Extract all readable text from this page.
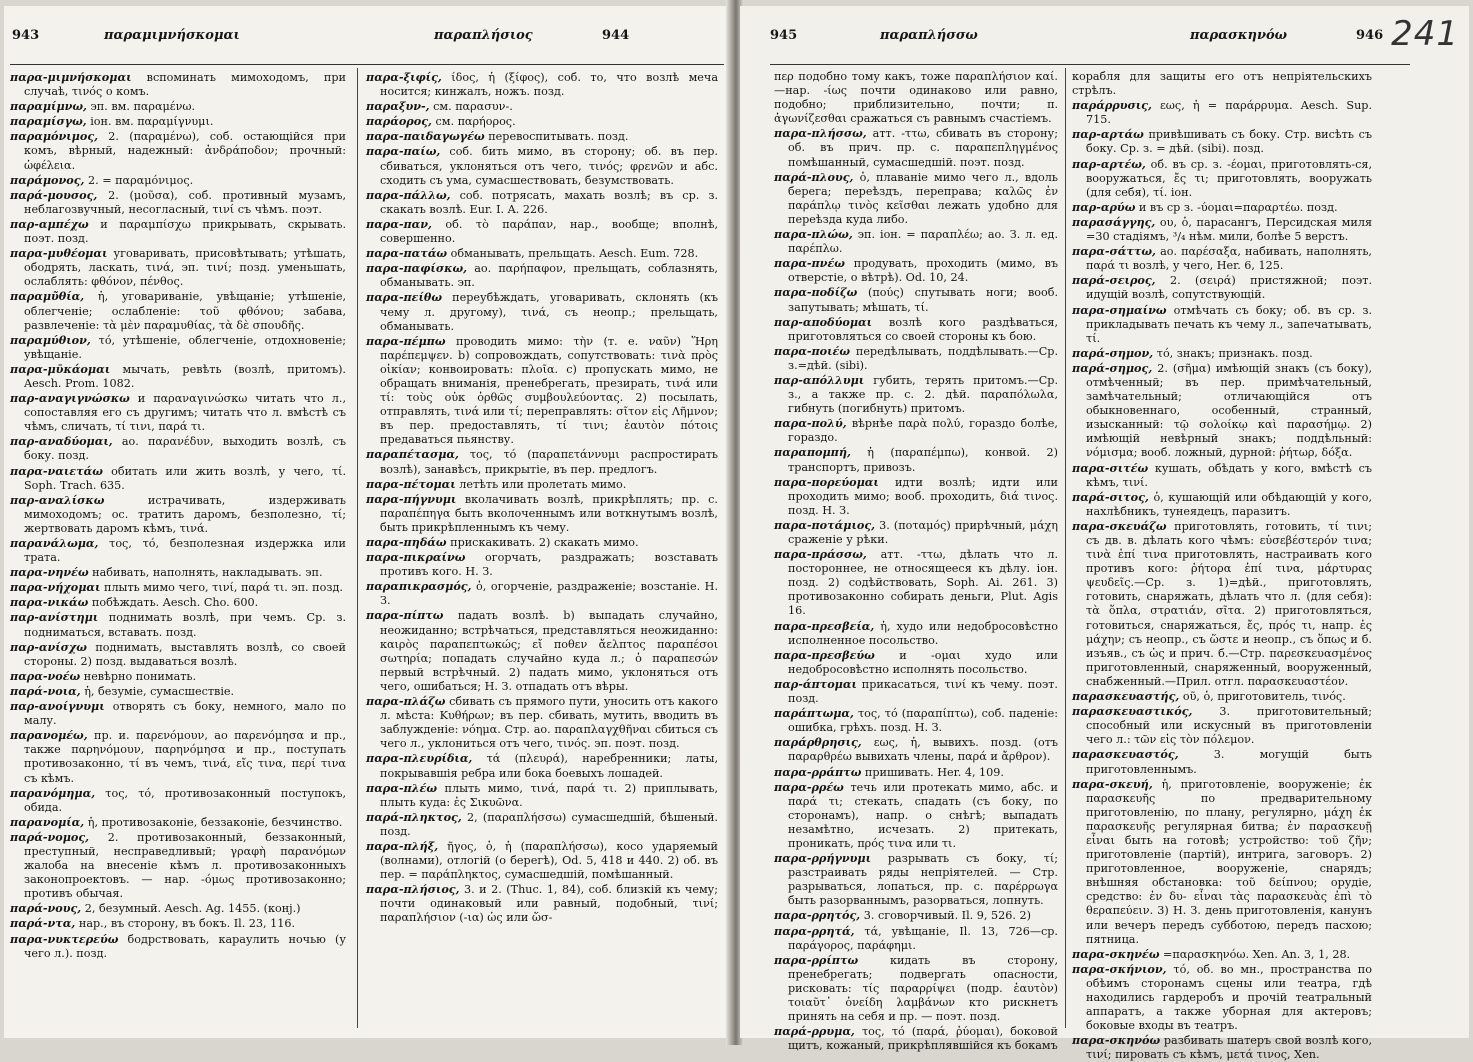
943	παραμιμνήσκομαι	παραπλήσιος	944
παρα-μιμνήσκομαι вспоминать мимоходомъ, при случаѣ, τινός о комъ.
παραμίμνω, эп. вм. παραμένω.
παραμίσγω, іон. вм. παραμίγνυμι.
παραμόνιμος, 2. (παραμένω), соб. остающійся при комъ, вѣрный, надежный: ἀνδράποδον; прочный: ὠφέλεια.
παράμονος, 2. = παραμόνιμος.
παρά-μουσος, 2. (μοῦσα), соб. противный музамъ, неблагозвучный, несогласный, τινί съ чѣмъ. поэт.
παρ-αμπέχω и παραμπίσχω прикрывать, скрывать. поэт. позд.
παρα-μυθέομαι уговаривать, присовѣтывать; утѣшать, ободрять, ласкать, τινά, эп. τινί; позд. уменьшать, ослаблять: φθόνον, πένθος.
παραμῦθία, ἡ, уговариваніе, увѣщаніе; утѣшеніе, облегченіе; ослабленіе: τοῦ φθόνου; забава, развлеченіе: τὰ μὲν παραμυθίας, τὰ δὲ σπουδῆς.
παραμύθιον, τό, утѣшеніе, облегченіе, отдохновеніе; увѣщаніе.
παρα-μῡκάομαι мычать, ревѣть (возлѣ, притомъ). Aesch. Prom. 1082.
παρ-αναγιγνώσκω и παραναγινώσκω читать что л., сопоставляя его съ другимъ; читать что л. вмѣстѣ съ чѣмъ, сличать, τί τινι, παρά τι.
παρ-αναδύομαι, ао. παρανέδυν, выходить возлѣ, съ боку. позд.
παρα-ναιετάω обитать или жить возлѣ, у чего, τί. Soph. Trach. 635.
παρ-αναλίσκω	истрачивать, издерживать мимоходомъ; ос. тратить даромъ, безполезно, τί; жертвовать даромъ кѣмъ, τινά.
παρανάλωμα, τος, τό, безполезная издержка или трата.
παρα-νηνέω набивать, наполнять, накладывать. эп.
παρα-νήχομαι плыть мимо чего, τινί, παρά τι. эп. позд.
παρα-νικάω побѣждать. Aesch. Cho. 600.
παρ-ανίστημι поднимать возлѣ, при чемъ. Ср. з. подниматься, вставать. позд.
παρ-ανίσχω поднимать, выставлять возлѣ, со своей стороны. 2) позд. выдаваться возлѣ.
παρα-νοέω невѣрно понимать.
παρά-νοια, ἡ, безуміе, сумасшествіе.
παρ-ανοίγνυμι отворять съ боку, немного, мало по малу.
παρανομέω, пр. и. παρενόμουν, ао παρενόμησα и пр., также παρηνόμουν, παρηνόμησα и пр., поступать противозаконно, τί въ чемъ, τινά, εἴς τινα, περί τινα съ кѣмъ.
παρανόμημα, τος, τό, противозаконный поступокъ, обида.
παρανομία, ἡ, противозаконіе, беззаконіе, безчинство.
παρά-νομος, 2. противозаконный, беззаконный, преступный, несправедливый; γραφὴ παρανόμων жалоба на внесеніе кѣмъ л. противозаконныхъ законопроектовъ. — нар. -όμως противозаконно; противъ обычая.
παρά-νους, 2, безумный. Aesch. Ag. 1455. (конj.)
παρά-ντα, нар., въ сторону, въ бокъ. Il. 23, 116.
παρα-νυκτερεύω бодрствовать, караулить ночью (у чего л.). позд.
παρα-ξιφίς, ίδος, ἡ (ξίφος), соб. то, что возлѣ меча носится; кинжалъ, ножъ. позд.
παραξυν-, см. παρασυν-.
παράορος, см. παρήορος.
παρα-παιδαγωγέω перевоспитывать. позд.
παρα-παίω, соб. бить мимо, въ сторону; об. въ пер. сбиваться, уклоняться отъ чего, τινός; φρενῶν и абс. сходить съ ума, сумасшествовать, безумствовать.
παρα-πάλλω, соб. потрясать, махать возлѣ; въ ср. з. скакать возлѣ. Eur. I. A. 226.
παρα-παν, об. τὸ παράπαν, нар., вообще; вполнѣ, совершенно.
παρα-πατάω обманывать, прельщать. Aesch. Eum. 728.
παρα-παφίσκω, ао. παρήπαφον, прельщать, соблазнять, обманывать. эп.
παρα-πείθω переубѣждать, уговаривать, склонять (къ чему л. другому), τινά, съ неопр.; прельщать, обманывать.
παρα-πέμπω проводить мимо: τὴν (т. е. ναῦν) Ἥρη παρέπεμψεν. b) сопровождать, сопутствовать: τινὰ πρὸς οἰκίαν; конвоировать: πλοῖα. c) пропускать мимо, не обращать вниманія, пренебрегать, презирать, τινά или τί: τοὺς οὐκ ὀρθῶς συμβουλεύοντας. 2) посылать, отправлять, τινά или τί; переправлять: σῖτον εἰς Λῆμνον; въ пер. предоставлять, τί τινι; ἑαυτὸν πότοις предаваться пьянству.
παραπέτασμα, τος, τό (παραπετάννυμι распростирать возлѣ), занавѣсъ, прикрытіе, въ пер. предлогъ.
παρα-πέτομαι летѣть или пролетать мимо.
παρα-πήγνυμι вколачивать возлѣ, прикрѣплять; пр. с. παραπέπηγα быть вколоченнымъ или воткнутымъ возлѣ, быть прикрѣпленнымъ къ чему.
παρα-πηδάω прискакивать. 2) скакать мимо.
παρα-πικραίνω огорчать, раздражать; возставать противъ кого. Н. З.
παραπικρασμός, ὁ, огорченіе, раздраженіе; возстаніе. Н. З.
παρα-πίπτω падать возлѣ. b) выпадать случайно, неожиданно; встрѣчаться, представляться неожиданно: καιρὸς παραπεπτωκώς; εἴ ποθεν ἄελπτος παραπέσοι σωτηρία; попадать случайно куда л.; ὁ παραπεσών первый встрѣчный. 2) падать мимо, уклоняться отъ чего, ошибаться; Н. З. отпадать отъ вѣры.
παρα-πλάζω сбивать съ прямого пути, уносить отъ какого л. мѣста: Κυθήρων; въ пер. сбивать, мутить, вводить въ заблужденіе: νόημα. Стр. ао. παραπλαγχθῆναι сбиться съ чего л., уклониться отъ чего, τινός. эп. поэт. позд.
παρα-πλευρίδια, τά (πλευρά), наребренники; латы, покрывавшія ребра или бока боевыхъ лошадей.
παρα-πλέω плыть мимо, τινά, παρά τι. 2) приплывать, плыть куда: ἐς Σικυῶνα.
παρά-πληκτος, 2, (παραπλήσσω) сумасшедшій, бѣшеный. позд.
παρα-πλήξ, ῆγος, ὁ, ἡ (παραπλήσσω), косо ударяемый (волнами), отлогій (о берегѣ), Od. 5, 418 и 440. 2) об. въ пер. = παράπληκτος, сумасшедшій, помѣшанный.
παρα-πλήσιος, 3. и 2. (Thuc. 1, 84), соб. близкій къ чему; почти одинаковый или равный, подобный, τινί; παραπλήσιον (-ια) ὡς или ὥσ-
945	παραπλήσσω	παρασκηνόω	946 241
περ подобно тому какъ, тоже παραπλήσιον καί.—нар. -ίως почти одинаково или равно, подобно; приблизительно, почти; π. ἀγωνίζεσθαι сражаться съ равнымъ счастіемъ.
παρα-πλήσσω, атт. -ττω, сбивать въ сторону; об. въ прич. пр. с. παραπεπληγμένος помѣшанный, сумасшедшій. поэт. позд.
παρά-πλους, ὁ, плаваніе мимо чего л., вдоль берега; переѣздъ, переправа; καλῶς ἐν παράπλῳ τινὸς κεῖσθαι лежать удобно для переѣзда куда либо.
παρα-πλώω, эп. іон. = παραπλέω; ао. З. л. ед. παρέπλω.
παρα-πνέω продувать, проходить (мимо, въ отверстіе, о вѣтрѣ). Od. 10, 24.
παρα-ποδίζω (πούς) спутывать ноги; вооб. запутывать; мѣшать, τί.
παρ-αποδύομαι возлѣ кого раздѣваться, приготовляться со своей стороны къ бою.
παρα-ποιέω передѣлывать, поддѣлывать.—Ср. з.=дѣй. (sibi).
παρ-απόλλυμι губить, терять притомъ.—Ср. з., а также пр. с. 2. дѣй. παραπόλωλα, гибнуть (погибнуть) притомъ.
παρα-πολύ, вѣрнѣе παρὰ πολύ, гораздо болѣе, гораздо.
παραπομπή, ἡ (παραπέμπω), конвой. 2) транспортъ, привозъ.
παρα-πορεύομαι идти возлѣ; идти или проходить мимо; вооб. проходить, διά τινος. позд. Н. З.
παρα-ποτάμιος, 3. (ποταμός) прирѣчный, μάχη сраженіе у рѣки.
παρα-πράσσω, атт. -ττω, дѣлать что л. постороннее, не относящееся къ дѣлу. іон. позд. 2) содѣйствовать, Soph. Ai. 261. 3) противозаконно собирать деньги, Plut. Agis 16.
παρα-πρεσβεία, ἡ, худо или недобросовѣстно исполненное посольство.
παρα-πρεσβεύω и -ομαι худо или недобросовѣстно исполнять посольство.
παρ-άπτομαι прикасаться, τινί къ чему. поэт. позд.
παράπτωμα, τος, τό (παραπίπτω), соб. паденіе: ошибка, грѣхъ. позд. Н. З.
παράρθρησις, εως, ἡ, вывихъ. позд. (отъ παραρθρέω вывихать члены, παρά и ἄρθρον).
παρα-ρράπτω пришивать. Her. 4, 109.
παρα-ρρέω течь или протекать мимо, абс. и παρά τι; стекать, спадать (съ боку, по сторонамъ), напр. о снѣгѣ; выпадать незамѣтно, исчезать. 2) притекать, проникать, πρός τινα или τι.
παρα-ρρήγνυμι разрывать съ боку, τί; разстраивать ряды непріятелей. — Стр. разрываться, лопаться, пр. с. παρέρρωγα быть разорваннымъ, разорваться, лопнуть.
παρα-ρρητός, 3. сговорчивый. Il. 9, 526. 2)
παρα-ρρητά, τά, увѣщаніе, Il. 13, 726—ср. παράγορος, παράφημι.
παρα-ρρίπτω	кидать въ сторону, пренебрегать; подвергать опасности, рисковать: τίς παραρρίψει (подр. ἑαυτὸν) τοιαῦτ᾽ ὀνείδη λαμβάνων кто рискнетъ принять на себя и пр. — поэт. позд.
παρά-ρρυμα, τος, τό (παρά, ῥύομαι), боковой щитъ, кожаный, прикрѣплявшійся къ бокамъ
корабля для защиты его отъ непріятельскихъ стрѣлъ.
παράρρυσις, εως, ἡ = παράρρυμα. Aesch. Sup. 715.
παρ-αρτάω привѣшивать съ боку. Стр. висѣть съ боку. Ср. з. = дѣй. (sibi). позд.
παρ-αρτέω, об. въ ср. з. -έομαι, приготовлять-ся, вооружаться, ἔς τι; приготовлять, вооружать (для себя), τί. іон.
παρ-αρύω и въ ср з. -ύομαι=παραρτέω. позд.
παρασάγγης, ου, ὁ, парасангъ, Персидская миля =30 стадіямъ, ³/₄ нѣм. мили, болѣе 5 верстъ.
παρα-σάττω, ао. παρέσαξα, набивать, наполнять, παρά τι возлѣ, у чего, Her. 6, 125.
παρά-σειρος, 2. (σειρά) пристяжной; поэт. идущій возлѣ, сопутствующій.
παρα-σημαίνω отмѣчать съ боку; об. въ ср. з. прикладывать печать къ чему л., запечатывать, τί.
παρά-σημον, τό, знакъ; признакъ. позд.
παρά-σημος, 2. (σῆμα) имѣющій знакъ (съ боку), отмѣченный; въ пер. примѣчательный, замѣчательный; отличающійся отъ обыкновеннаго, особенный, странный, изысканный: τῷ σολοίκῳ καὶ παρασήμῳ. 2) имѣющій невѣрный знакъ; поддѣльный: νόμισμα; вооб. ложный, дурной: ῥήτωρ, δόξα.
παρα-σιτέω кушать, обѣдать у кого, вмѣстѣ съ кѣмъ, τινί.
παρά-σιτος, ὁ, кушающій или обѣдающій у кого, нахлѣбникъ, тунеядецъ, паразитъ.
παρα-σκευάζω приготовлять, готовить, τί τινι; съ дв. в. дѣлать кого чѣмъ: εὐσεβέστερόν τινα; τινὰ ἐπί τινα приготовлять, настраивать кого противъ кого: ῥήτορα ἐπί τινα, μάρτυρας ψευδεῖς.—Ср. з. 1)=дѣй., приготовлять, готовить, снаряжать, дѣлать что л. (для себя): τὰ ὅπλα, στρατιάν, σῖτα. 2) приготовляться, готовиться, снаряжаться, ἔς, πρός τι, напр. ἐς μάχην; съ неопр., съ ὥστε и неопр., съ ὅπως и б. изъяв., съ ὡς и прич. б.—Стр. παρεσκευασμένος приготовленный, снаряженный, вооруженный, снабженный.—Прил. отгл. παρασκευαστέον.
παρασκευαστής, οῦ, ὁ, приготовитель, τινός.
παρασκευαστικός, 3. приготовительный; способный или искусный въ приготовленіи чего л.: τῶν εἰς τὸν πόλεμον.
παρασκευαστός,	3. могущій быть приготовленнымъ.
παρα-σκευή, ἡ, приготовленіе, вооруженіе; ἐκ παρασκευῆς по предварительному приготовленію, по плану, регулярно, μάχη ἐκ παρασκευῆς регулярная битва; ἐν παρασκευῇ εἶναι быть на готовѣ; устройство: τοῦ ζῆν; приготовленіе (партій), интрига, заговоръ. 2) приготовленное, вооруженіе, снарядъ; внѣшняя обстановка: τοῦ δείπνου; орудіе, средство: ἐν δυ- εἶναι τὰς παρασκευὰς ἐπὶ τὸ θεραπεύειν. 3) Н. З. день приготовленія, канунъ или вечеръ передъ субботою, передъ пасхою; пятница.
παρα-σκηνέω =παρασκηνόω. Xen. An. 3, 1, 28.
παρα-σκήνιον, τό, об. во мн., пространства по обѣимъ сторонамъ сцены или театра, гдѣ находились гардеробъ и прочій театральный аппаратъ, а также уборная для актеровъ; боковые входы въ театръ.
παρα-σκηνόω разбивать шатеръ свой возлѣ кого, τινί; пировать съ кѣмъ, μετά τινος, Xen.
